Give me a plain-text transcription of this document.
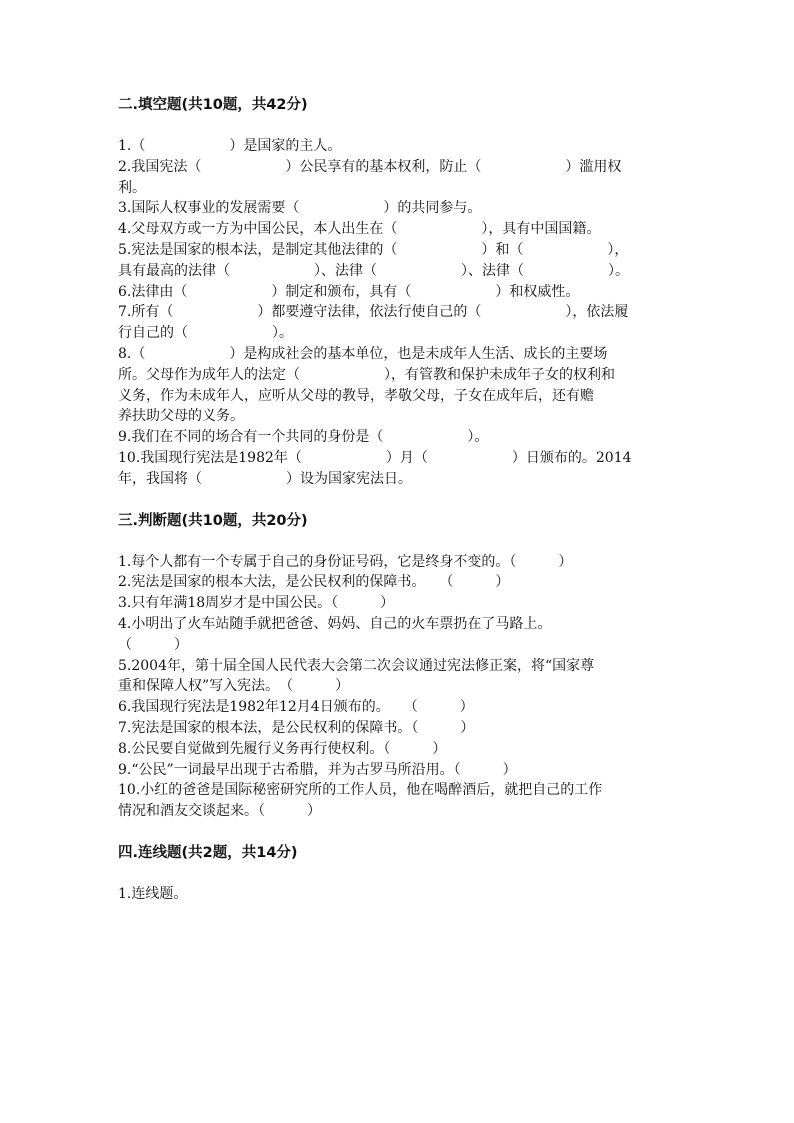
二.填空题(共10题，共42分)
1.（　　　　　　）是国家的主人。
2.我国宪法（　　　　　　）公民享有的基本权利，防止（　　　　　　）滥用权
利。
3.国际人权事业的发展需要（　　　　　　）的共同参与。
4.父母双方或一方为中国公民，本人出生在（　　　　　　），具有中国国籍。
5.宪法是国家的根本法，是制定其他法律的（　　　　　　）和（　　　　　　），
具有最高的法律（　　　　　　）、法律（　　　　　　）、法律（　　　　　　）。
6.法律由（　　　　　　）制定和颁布，具有（　　　　　　）和权威性。
7.所有（　　　　　　）都要遵守法律，依法行使自己的（　　　　　　），依法履
行自己的（　　　　　　）。
8.（　　　　　　）是构成社会的基本单位，也是未成年人生活、成长的主要场
所。父母作为成年人的法定（　　　　　　），有管教和保护未成年子女的权利和
义务，作为未成年人，应听从父母的教导，孝敬父母，子女在成年后，还有赡
养扶助父母的义务。
9.我们在不同的场合有一个共同的身份是（　　　　　　）。
10.我国现行宪法是1982年（　　　　　　）月（　　　　　　）日颁布的。2014
年，我国将（　　　　　　）设为国家宪法日。
三.判断题(共10题，共20分)
1.每个人都有一个专属于自己的身份证号码，它是终身不变的。（　　　）
2.宪法是国家的根本大法，是公民权利的保障书。　　（　　　）
3.只有年满18周岁才是中国公民。（　　　）
4.小明出了火车站随手就把爸爸、妈妈、自己的火车票扔在了马路上。
（　　　）
5.2004年，第十届全国人民代表大会第二次会议通过宪法修正案，将“国家尊
重和保障人权”写入宪法。　（　　　）
6.我国现行宪法是1982年12月4日颁布的。　　（　　　）
7.宪法是国家的根本法，是公民权利的保障书。（　　　）
8.公民要自觉做到先履行义务再行使权利。（　　　）
9.“公民”一词最早出现于古希腊，并为古罗马所沿用。（　　　）
10.小红的爸爸是国际秘密研究所的工作人员，他在喝醉酒后，就把自己的工作
情况和酒友交谈起来。（　　　）
四.连线题(共2题，共14分)
1.连线题。
